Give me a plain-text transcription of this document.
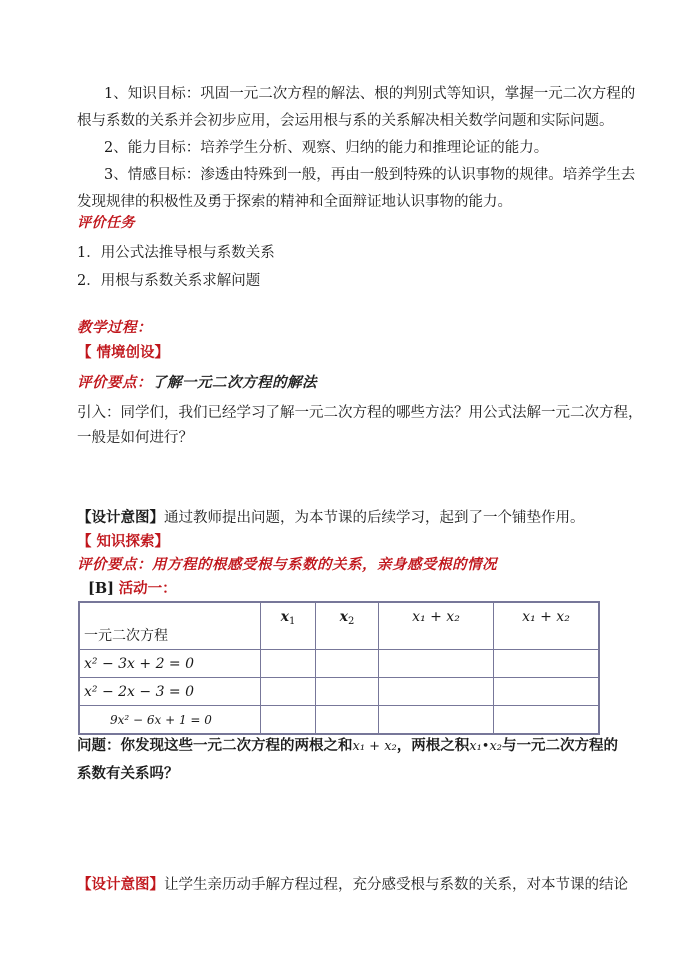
1、知识目标：巩固一元二次方程的解法、根的判别式等知识，掌握一元二次方程的
根与系数的关系并会初步应用，会运用根与系的关系解决相关数学问题和实际问题。
2、能力目标：培养学生分析、观察、归纳的能力和推理论证的能力。
3、情感目标：渗透由特殊到一般，再由一般到特殊的认识事物的规律。培养学生去
发现规律的积极性及勇于探索的精神和全面辩证地认识事物的能力。
评价任务
1．用公式法推导根与系数关系
2．用根与系数关系求解问题
教学过程：
【 情境创设】
评价要点：了解一元二次方程的解法
引入：同学们，我们已经学习了解一元二次方程的哪些方法？用公式法解一元二次方程，
一般是如何进行？
【设计意图】通过教师提出问题，为本节课的后续学习，起到了一个铺垫作用。
【 知识探索】
评价要点：用方程的根感受根与系数的关系，亲身感受根的情况
[B] 活动一：
一元二次方程	$x_1$	$x_2$	x₁ + x₂	x₁ + x₂
x² − 3x + 2 = 0				
x² − 2x − 3 = 0				
9x² − 6x + 1 = 0				
问题：你发现这些一元二次方程的两根之和x₁ + x₂，两根之积x₁•x₂与一元二次方程的
系数有关系吗？
【设计意图】让学生亲历动手解方程过程，充分感受根与系数的关系，对本节课的结论
